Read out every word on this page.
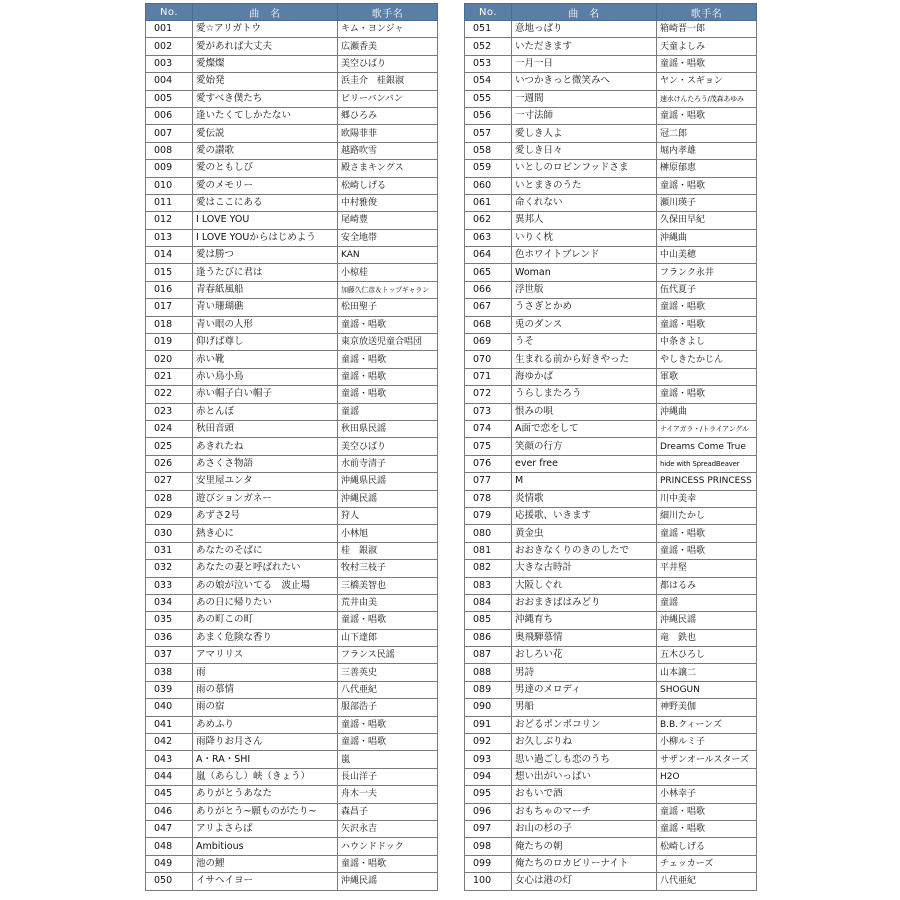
No.	曲　名	歌手名
001	愛☆アリガトウ	キム・ヨンジャ
002	愛があれば大丈夫	広瀬香美
003	愛燦燦	美空ひばり
004	愛始発	浜圭介　桂銀淑
005	愛すべき僕たち	ビリーバンバン
006	逢いたくてしかたない	郷ひろみ
007	愛伝説	欧陽菲菲
008	愛の讃歌	越路吹雪
009	愛のともしび	殿さまキングス
010	愛のメモリー	松崎しげる
011	愛はここにある	中村雅俊
012	I LOVE YOU	尾崎豊
013	I LOVE YOUからはじめよう	安全地帯
014	愛は勝つ	KAN
015	逢うたびに君は	小椋桂
016	青春紙風船	加藤久仁彦＆トップギャラン
017	青い珊瑚礁	松田聖子
018	青い眼の人形	童謡・唱歌
019	仰げば尊し	東京放送児童合唱団
020	赤い靴	童謡・唱歌
021	赤い鳥小鳥	童謡・唱歌
022	赤い帽子白い帽子	童謡・唱歌
023	赤とんぼ	童謡
024	秋田音頭	秋田県民謡
025	あきれたね	美空ひばり
026	あさくさ物語	水前寺清子
027	安里屋ユンタ	沖縄県民謡
028	遊びションガネー	沖縄民謡
029	あずさ2号	狩人
030	熱き心に	小林旭
031	あなたのそばに	桂　銀淑
032	あなたの妻と呼ばれたい	牧村三枝子
033	あの娘が泣いてる　波止場	三橋美智也
034	あの日に帰りたい	荒井由美
035	あの町この町	童謡・唱歌
036	あまく危険な香り	山下達郎
037	アマリリス	フランス民謡
038	雨	三善英史
039	雨の慕情	八代亜紀
040	雨の宿	服部浩子
041	あめふり	童謡・唱歌
042	雨降りお月さん	童謡・唱歌
043	A・RA・SHI	嵐
044	嵐（あらし）峡（きょう）	長山洋子
045	ありがとうあなた	舟木一夫
046	ありがとう~願ものがたり~	森昌子
047	アリよさらば	矢沢永吉
048	Ambitious	ハウンドドック
049	池の鯉	童謡・唱歌
050	イサヘイヨー	沖縄民謡
No.	曲　名	歌手名
051	意地っぱり	箱崎晋一郎
052	いただきます	天童よしみ
053	一月一日	童謡・唱歌
054	いつかきっと微笑みへ	ヤン・スギョン
055	一週間	速水けんたろう/茂森あゆみ
056	一寸法師	童謡・唱歌
057	愛しき人よ	冠二郎
058	愛しき日々	堀内孝雄
059	いとしのロビンフッドさま	榊原郁恵
060	いとまきのうた	童謡・唱歌
061	命くれない	瀬川瑛子
062	異邦人	久保田早紀
063	いりく枕	沖縄曲
064	色ホワイトブレンド	中山美穂
065	Woman	フランク永井
066	浮世版	伍代夏子
067	うさぎとかめ	童謡・唱歌
068	兎のダンス	童謡・唱歌
069	うそ	中条きよし
070	生まれる前から好きやった	やしきたかじん
071	海ゆかば	軍歌
072	うらしまたろう	童謡・唱歌
073	恨みの唄	沖縄曲
074	A面で恋をして	ナイアガラ・/トライアングル
075	笑顔の行方	Dreams Come True
076	ever free	hide with SpreadBeaver
077	M	PRINCESS PRINCESS
078	炎情歌	川中美幸
079	応援歌、いきます	細川たかし
080	黄金虫	童謡・唱歌
081	おおきなくりのきのしたで	童謡・唱歌
082	大きな古時計	平井堅
083	大阪しぐれ	都はるみ
084	おおまきばはみどり	童謡
085	沖縄育ち	沖縄民謡
086	奥飛騨慕情	竜　鉄也
087	おしろい花	五木ひろし
088	男詩	山本譲二
089	男達のメロディ	SHOGUN
090	男船	神野美伽
091	おどるポンポコリン	B.B.クィーンズ
092	お久しぶりね	小柳ルミ子
093	思い過ごしも恋のうち	サザンオールスターズ
094	想い出がいっぱい	H2O
095	おもいで酒	小林幸子
096	おもちゃのマーチ	童謡・唱歌
097	お山の杉の子	童謡・唱歌
098	俺たちの朝	松崎しげる
099	俺たちのロカビリーナイト	チェッカーズ
100	女心は港の灯	八代亜紀
